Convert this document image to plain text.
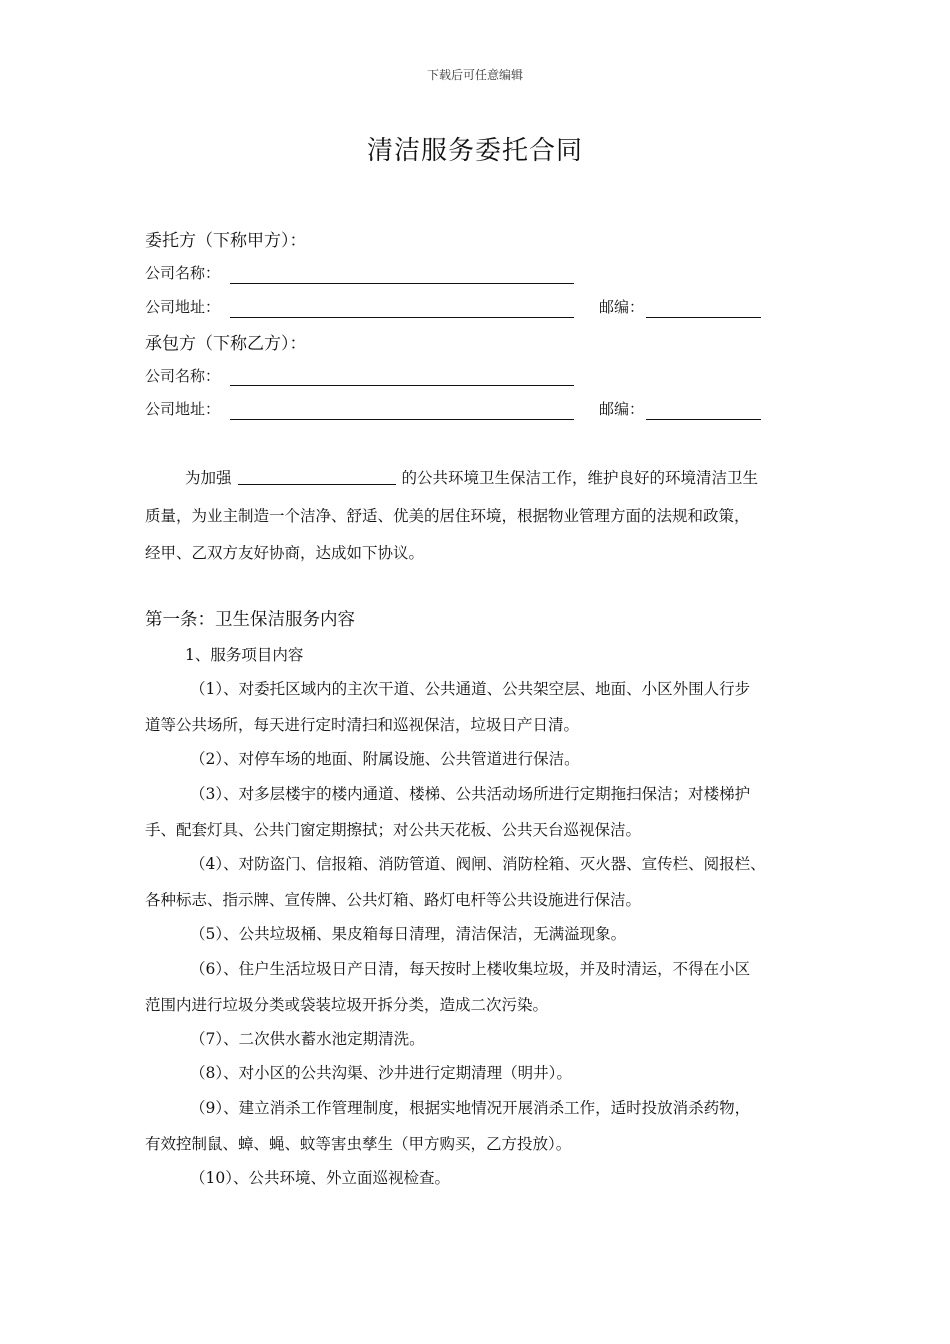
下载后可任意编辑
清洁服务委托合同
委托方（下称甲方）：
公司名称：
公司地址：	邮编：
承包方（下称乙方）：
公司名称：
公司地址：	邮编：
为加强	的公共环境卫生保洁工作，维护良好的环境清洁卫生
质量，为业主制造一个洁净、舒适、优美的居住环境，根据物业管理方面的法规和政策，
经甲、乙双方友好协商，达成如下协议。
第一条：卫生保洁服务内容
1、服务项目内容
（1）、对委托区域内的主次干道、公共通道、公共架空层、地面、小区外围人行步
道等公共场所，每天进行定时清扫和巡视保洁，垃圾日产日清。
（2）、对停车场的地面、附属设施、公共管道进行保洁。
（3）、对多层楼宇的楼内通道、楼梯、公共活动场所进行定期拖扫保洁；对楼梯护
手、配套灯具、公共门窗定期擦拭；对公共天花板、公共天台巡视保洁。
（4）、对防盗门、信报箱、消防管道、阀闸、消防栓箱、灭火器、宣传栏、阅报栏、
各种标志、指示牌、宣传牌、公共灯箱、路灯电杆等公共设施进行保洁。
（5）、公共垃圾桶、果皮箱每日清理，清洁保洁，无满溢现象。
（6）、住户生活垃圾日产日清，每天按时上楼收集垃圾，并及时清运，不得在小区
范围内进行垃圾分类或袋装垃圾开拆分类，造成二次污染。
（7）、二次供水蓄水池定期清洗。
（8）、对小区的公共沟渠、沙井进行定期清理（明井）。
（9）、建立消杀工作管理制度，根据实地情况开展消杀工作，适时投放消杀药物，
有效控制鼠、蟑、蝇、蚊等害虫孳生（甲方购买，乙方投放）。
（10）、公共环境、外立面巡视检查。
